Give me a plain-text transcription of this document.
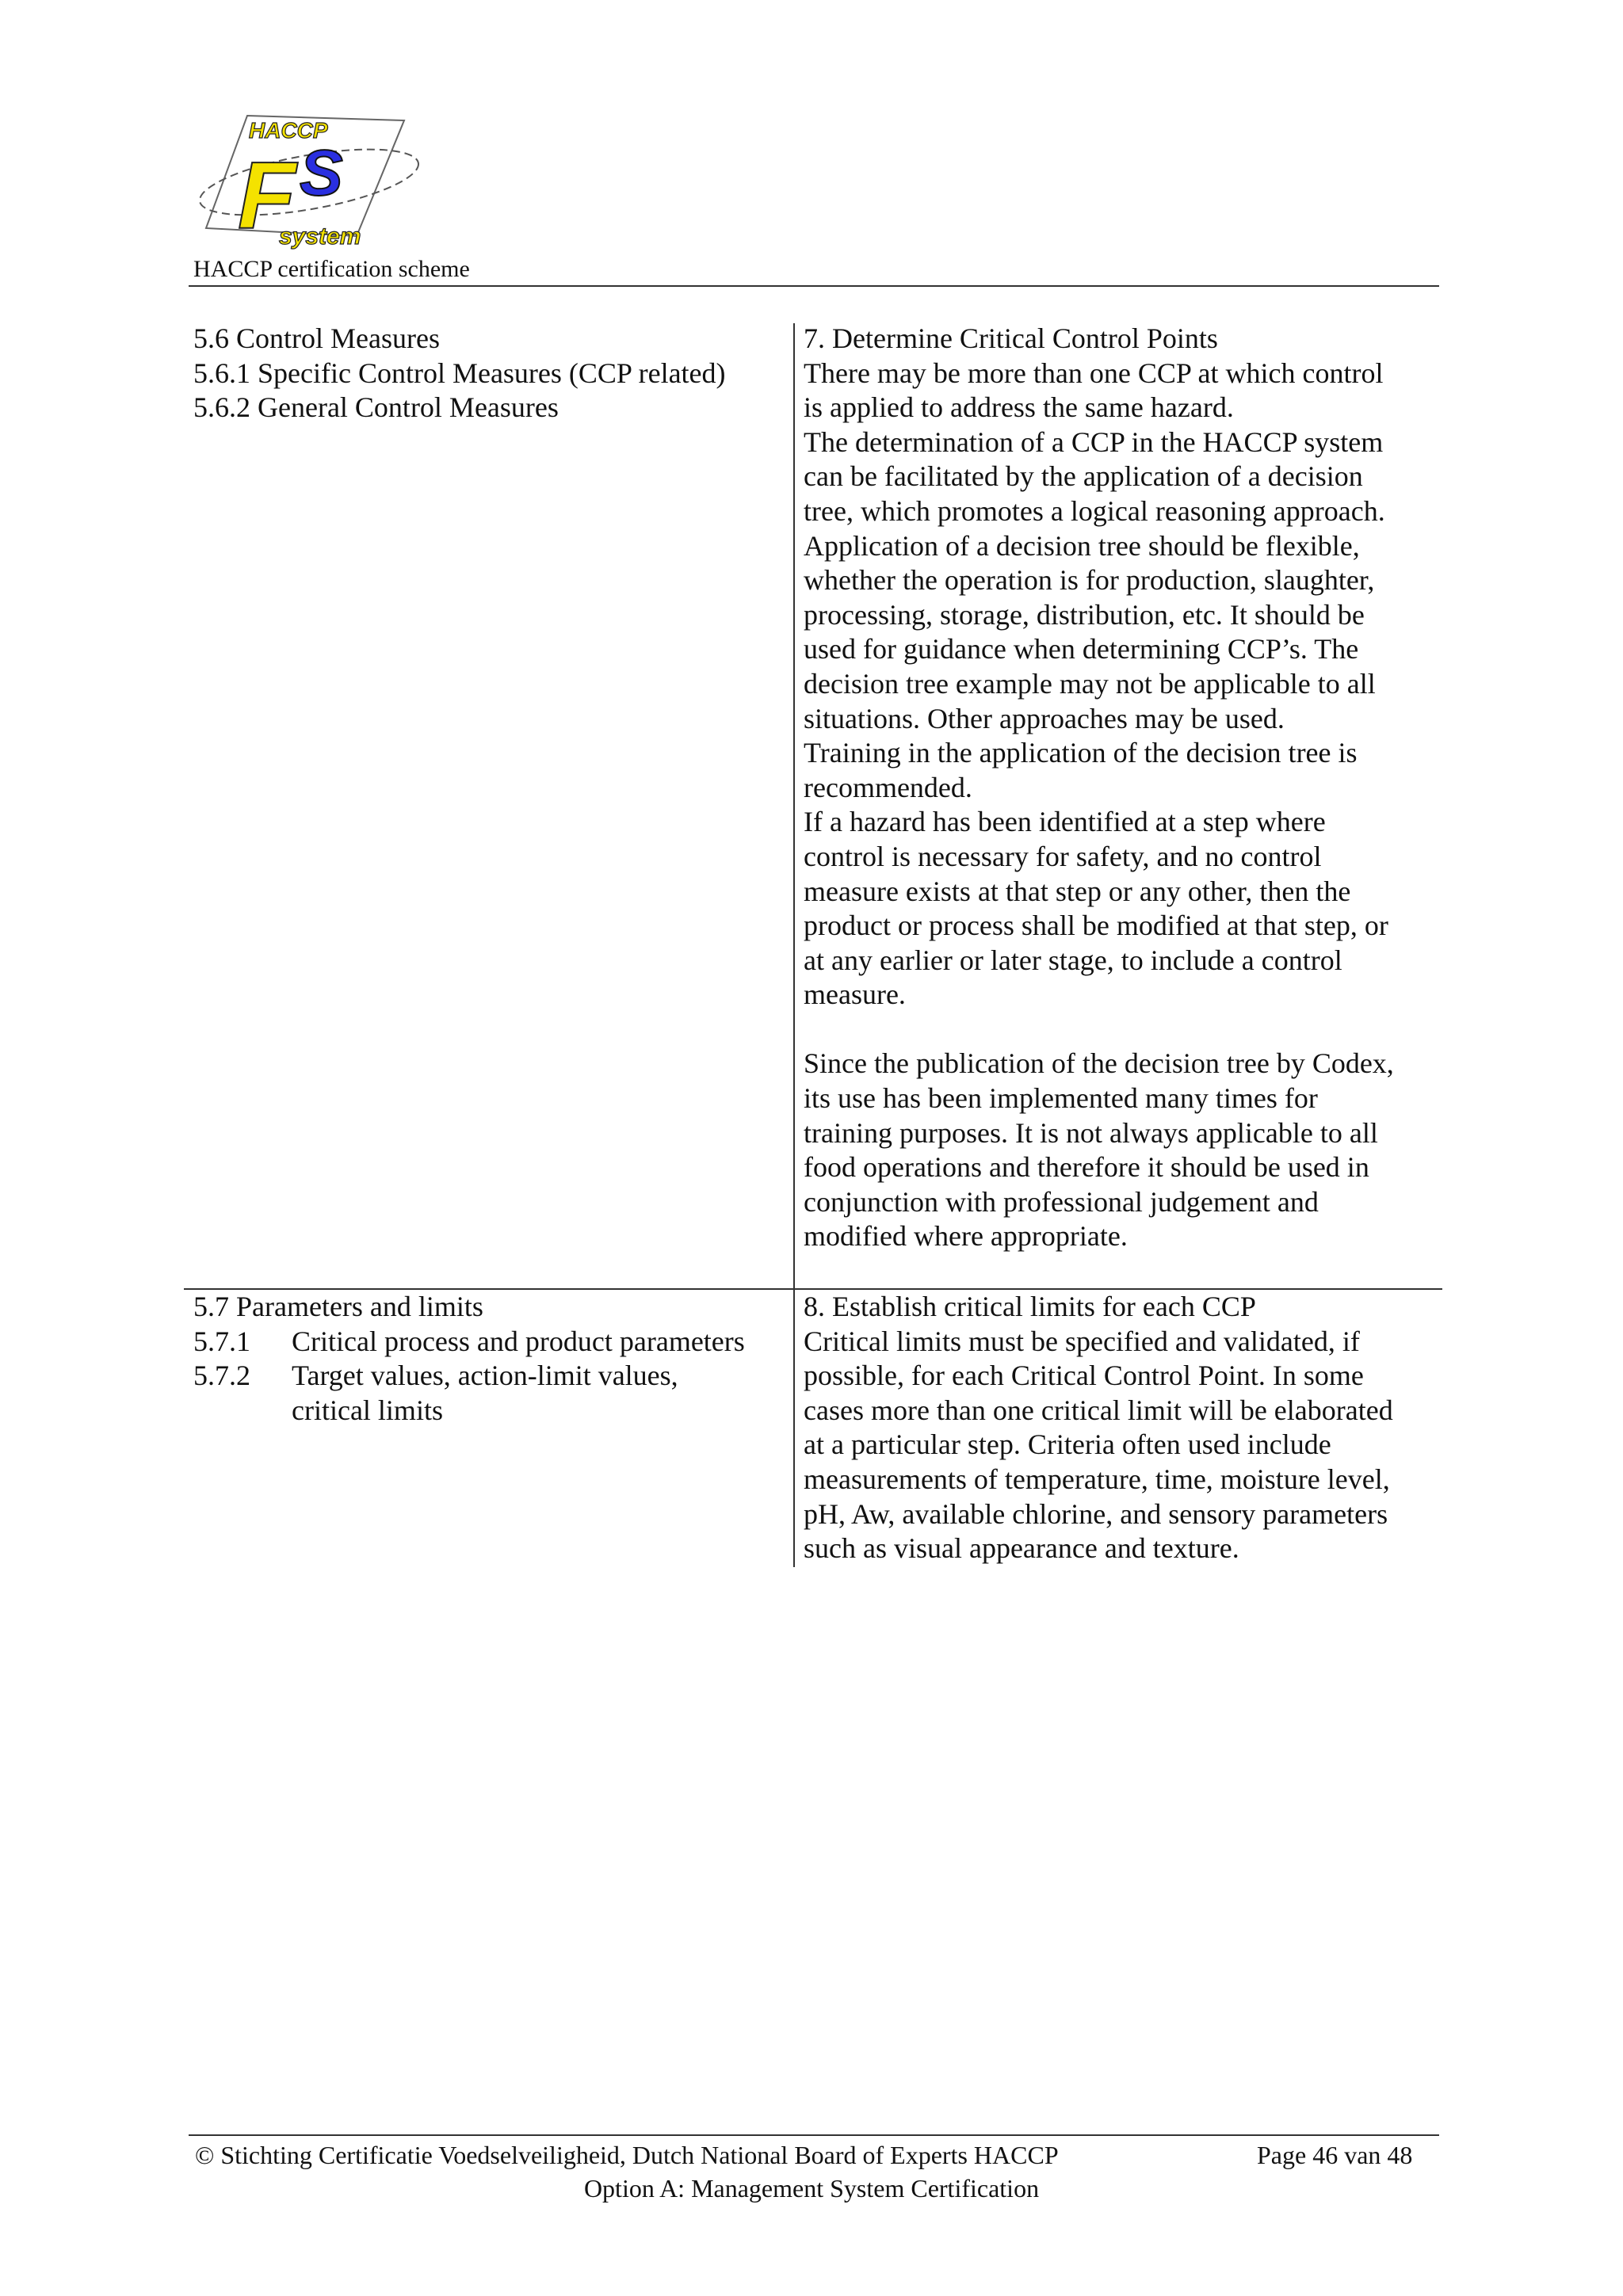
HACCP
F S
system
HACCP certification scheme
5.6 Control Measures
5.6.1 Specific Control Measures (CCP related)
5.6.2 General Control Measures
7. Determine Critical Control Points
There may be more than one CCP at which control
is applied to address the same hazard.
The determination of a CCP in the HACCP system
can be facilitated by the application of a decision
tree, which promotes a logical reasoning approach.
Application of a decision tree should be flexible,
whether the operation is for production, slaughter,
processing, storage, distribution, etc. It should be
used for guidance when determining CCP’s. The
decision tree example may not be applicable to all
situations. Other approaches may be used.
Training in the application of the decision tree is
recommended.
If a hazard has been identified at a step where
control is necessary for safety, and no control
measure exists at that step or any other, then the
product or process shall be modified at that step, or
at any earlier or later stage, to include a control
measure.
Since the publication of the decision tree by Codex,
its use has been implemented many times for
training purposes. It is not always applicable to all
food operations and therefore it should be used in
conjunction with professional judgement and
modified where appropriate.
5.7 Parameters and limits
5.7.1 Critical process and product parameters
5.7.2 Target values, action-limit values,
critical limits
8. Establish critical limits for each CCP
Critical limits must be specified and validated, if
possible, for each Critical Control Point. In some
cases more than one critical limit will be elaborated
at a particular step. Criteria often used include
measurements of temperature, time, moisture level,
pH, Aw, available chlorine, and sensory parameters
such as visual appearance and texture.
© Stichting Certificatie Voedselveiligheid, Dutch National Board of Experts HACCP	Page 46 van 48
Option A: Management System Certification
